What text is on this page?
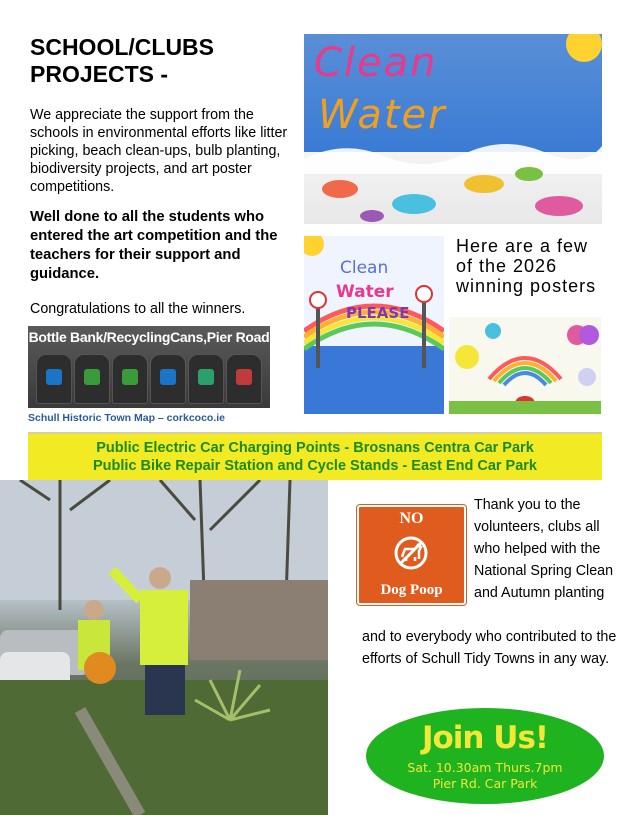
SCHOOL/CLUBS
PROJECTS -
We appreciate the support from the schools in environmental efforts like litter picking, beach clean-ups, bulb planting, biodiversity projects, and art poster competitions.
Well done to all the students who entered the art competition and the teachers for their support and guidance.
Congratulations to all the winners.
Bottle Bank/RecyclingCans,Pier Road
Schull Historic Town Map – corkcoco.ie
Clean
Water
Clean
Water
PLEASE
Here are a few
of the 2026
winning posters
Public Electric Car Charging Points - Brosnans Centra Car Park
Public Bike Repair Station and Cycle Stands - East End Car Park
NO
Dog Poop
Thank you to the volunteers, clubs all who helped with the National Spring Clean and Autumn planting
and to everybody who contributed to the efforts of Schull Tidy Towns in any way.
Join Us!
Sat. 10.30am Thurs.7pm
Pier Rd. Car Park
